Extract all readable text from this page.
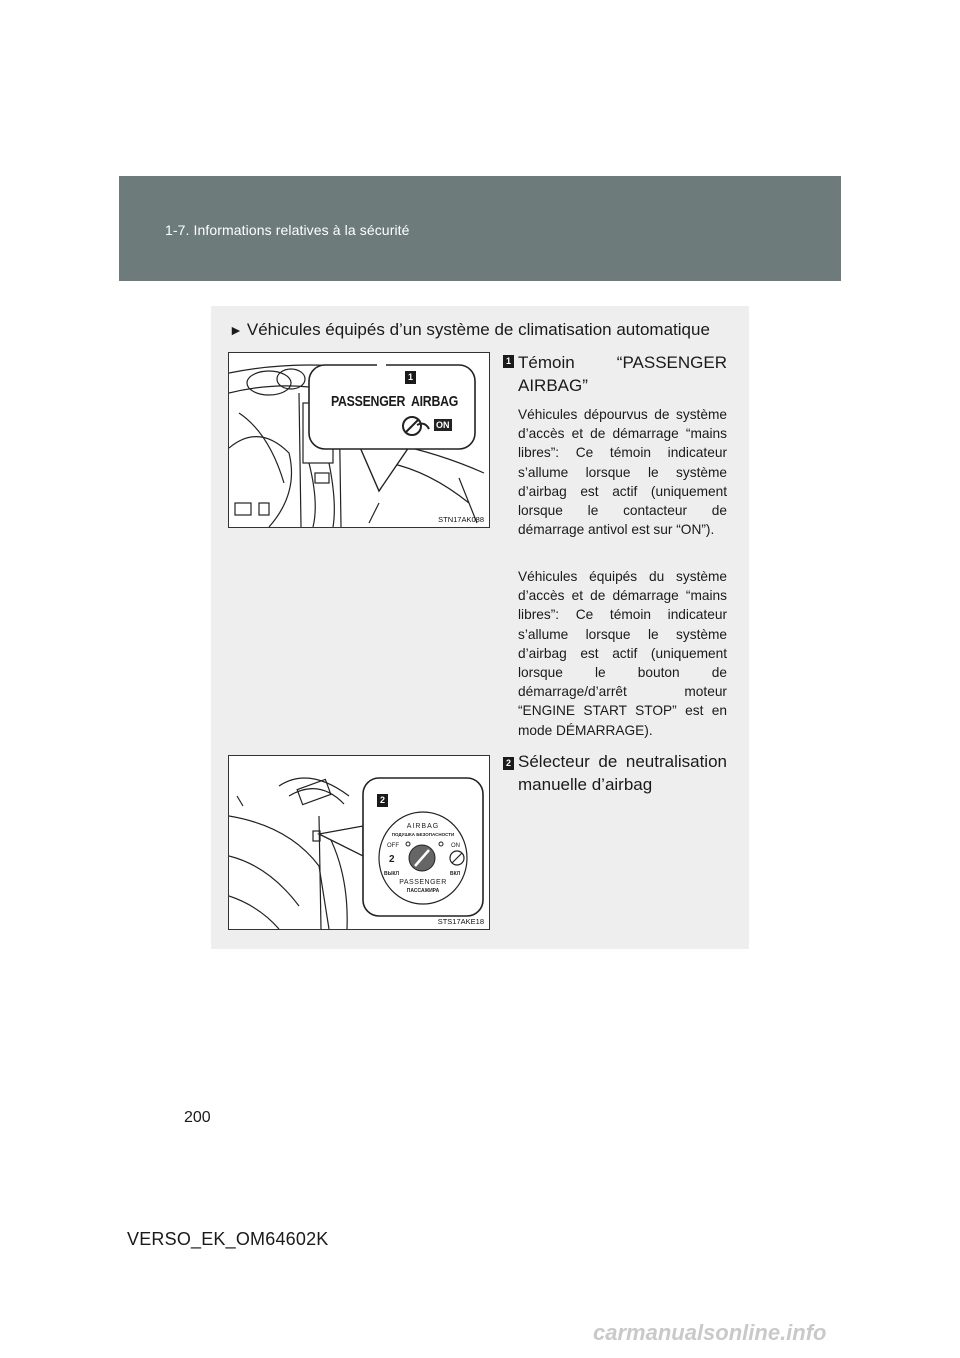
1-7. Informations relatives à la sécurité
► Véhicules équipés d’un système de climatisation automatique
1
PASSENGER  AIRBAG
ON
STN17AK088
1 Témoin “PASSENGER AIRBAG”
Véhicules dépourvus de système d’accès et de démarrage “mains libres”: Ce témoin indicateur s’allume lorsque le système d’airbag est actif (uniquement lorsque le contacteur de démarrage antivol est sur “ON”).
Véhicules équipés du système d’accès et de démarrage “mains libres”: Ce témoin indicateur s’allume lorsque le système d’airbag est actif (uniquement lorsque le bouton de démarrage/d’arrêt moteur “ENGINE START STOP” est en mode DÉMARRAGE).
AIRBAG
ПОДУШКА БЕЗОПАСНОСТИ
OFF	ON
2
ВЫКЛ	ВКЛ
PASSENGER
ПАССАЖИРА
2
STS17AKE18
2 Sélecteur de neutralisation manuelle d’airbag
200
VERSO_EK_OM64602K
carmanualsonline.info
